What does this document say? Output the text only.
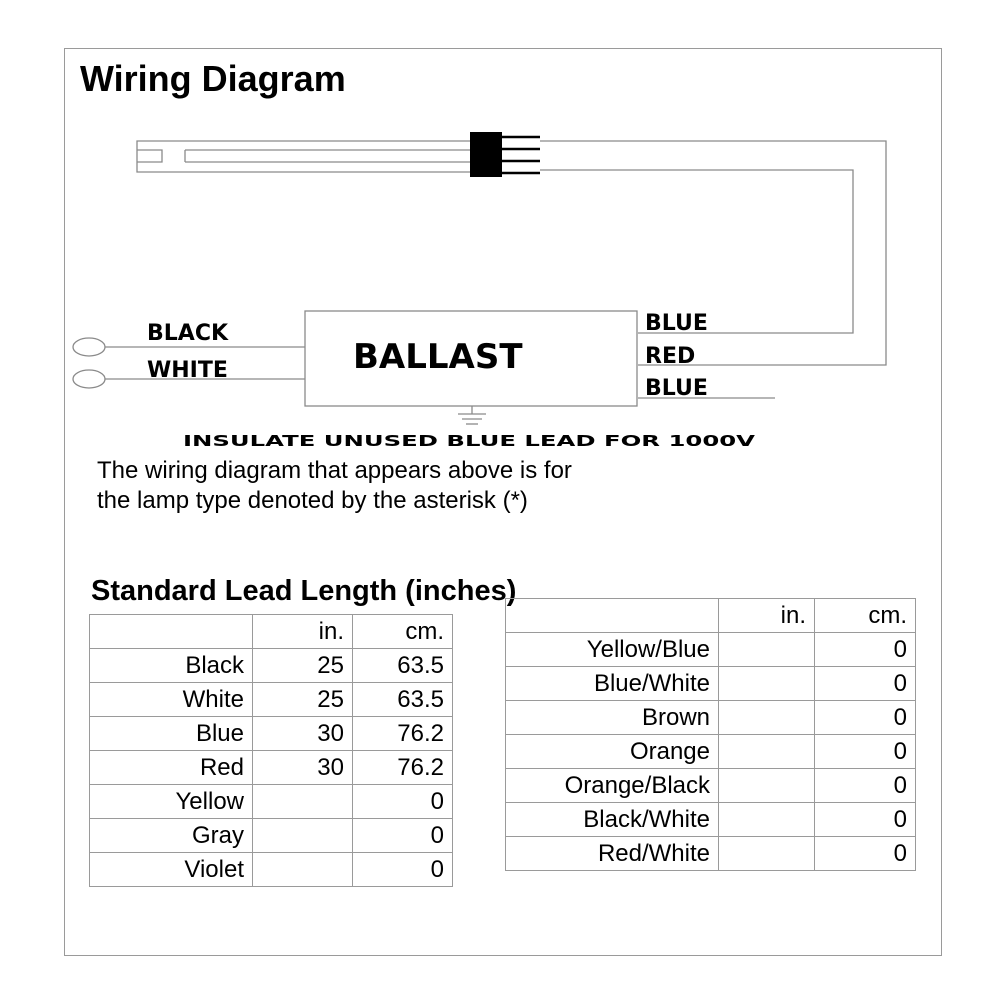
Wiring Diagram
BALLAST
BLACK
WHITE
BLUE
RED
BLUE
INSULATE UNUSED BLUE LEAD FOR 1000V
The wiring diagram that appears above is for
the lamp type denoted by the asterisk (*)
Standard Lead Length (inches)
	in.	cm.
Black	25	63.5
White	25	63.5
Blue	30	76.2
Red	30	76.2
Yellow		0
Gray		0
Violet		0
	in.	cm.
Yellow/Blue		0
Blue/White		0
Brown		0
Orange		0
Orange/Black		0
Black/White		0
Red/White		0
